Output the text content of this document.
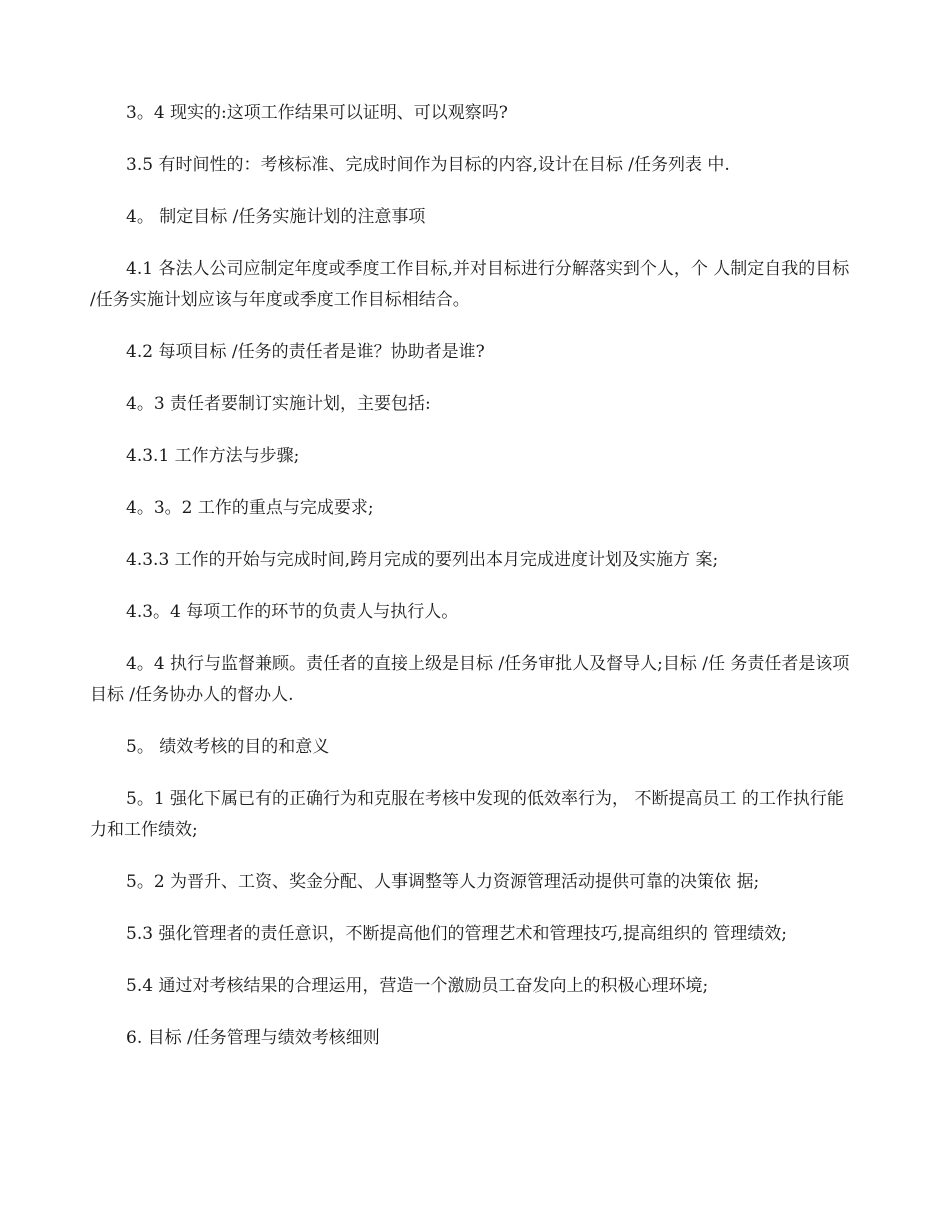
3。4 现实的:这项工作结果可以证明、可以观察吗?

3.5 有时间性的：考核标准、完成时间作为目标的内容,设计在目标 /任务列表 中.

4。 制定目标 /任务实施计划的注意事项

4.1 各法人公司应制定年度或季度工作目标,并对目标进行分解落实到个人，个 人制定自我的目标 /任务实施计划应该与年度或季度工作目标相结合。

4.2 每项目标 /任务的责任者是谁？协助者是谁?

4。3 责任者要制订实施计划，主要包括:

4.3.1 工作方法与步骤;

4。3。2 工作的重点与完成要求;

4.3.3 工作的开始与完成时间,跨月完成的要列出本月完成进度计划及实施方 案;

4.3。4 每项工作的环节的负责人与执行人。

4。4 执行与监督兼顾。责任者的直接上级是目标 /任务审批人及督导人;目标 /任 务责任者是该项目标 /任务协办人的督办人.

5。 绩效考核的目的和意义

5。1 强化下属已有的正确行为和克服在考核中发现的低效率行为， 不断提高员工 的工作执行能力和工作绩效;

5。2 为晋升、工资、奖金分配、人事调整等人力资源管理活动提供可靠的决策依 据;

5.3 强化管理者的责任意识，不断提高他们的管理艺术和管理技巧,提高组织的 管理绩效;

5.4 通过对考核结果的合理运用，营造一个激励员工奋发向上的积极心理环境;

6. 目标 /任务管理与绩效考核细则
